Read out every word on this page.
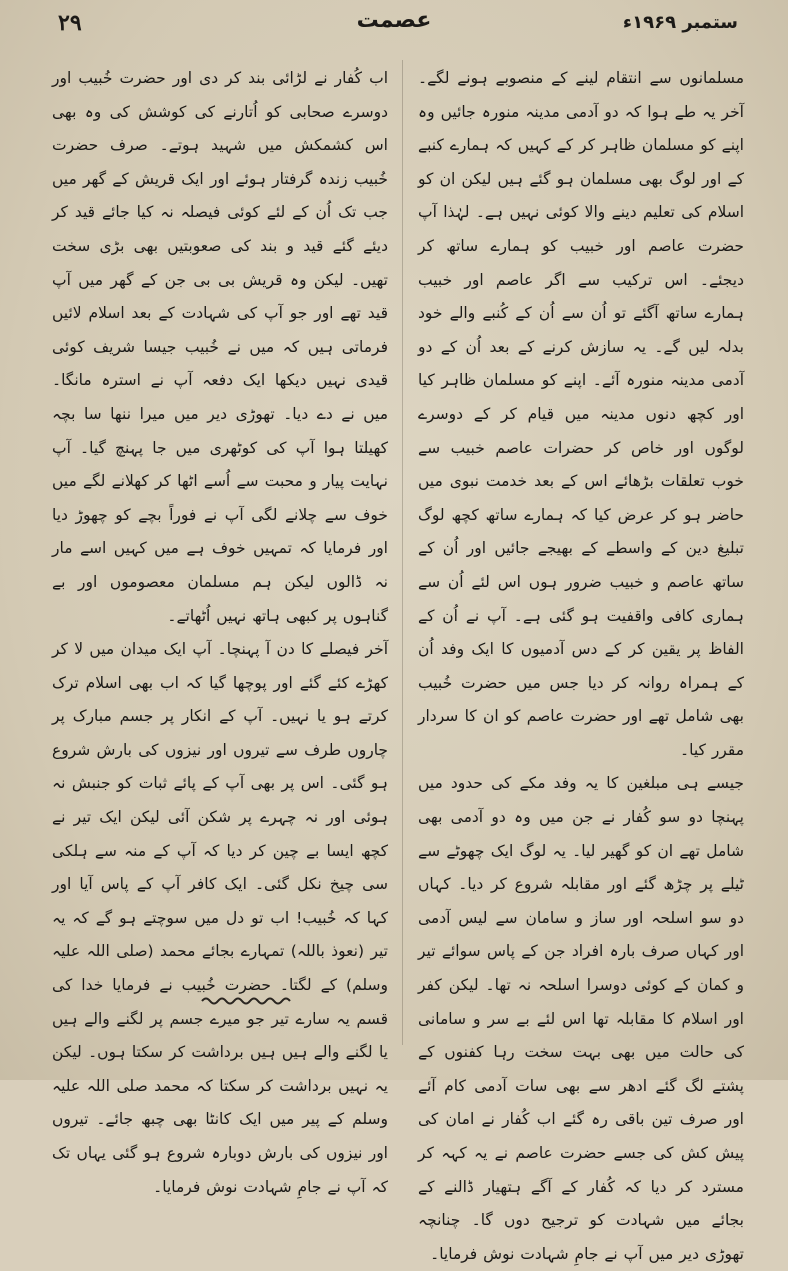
۲۹	عصمت	ستمبر ۱۹۶۹ء

مسلمانوں سے انتقام لینے کے منصوبے ہونے لگے۔ آخر یہ طے ہوا کہ دو آدمی مدینہ منورہ جائیں وہ اپنے کو مسلمان ظاہر کر کے کہیں کہ ہمارے کنبے کے اور لوگ بھی مسلمان ہو گئے ہیں لیکن ان کو اسلام کی تعلیم دینے والا کوئی نہیں ہے۔ لہٰذا آپ حضرت عاصم اور خبیب کو ہمارے ساتھ کر دیجئے۔ اس ترکیب سے اگر عاصم اور خبیب ہمارے ساتھ آگئے تو اُن سے اُن کے کُنبے والے خود بدلہ لیں گے۔ یہ سازش کرنے کے بعد اُن کے دو آدمی مدینہ منورہ آئے۔ اپنے کو مسلمان ظاہر کیا اور کچھ دنوں مدینہ میں قیام کر کے دوسرے لوگوں اور خاص کر حضرات عاصم خبیب سے خوب تعلقات بڑھائے اس کے بعد خدمت نبوی میں حاضر ہو کر عرض کیا کہ ہمارے ساتھ کچھ لوگ تبلیغ دین کے واسطے کے بھیجے جائیں اور اُن کے ساتھ عاصم و خبیب ضرور ہوں اس لئے اُن سے ہماری کافی واقفیت ہو گئی ہے۔ آپ نے اُن کے الفاظ پر یقین کر کے دس آدمیوں کا ایک وفد اُن کے ہمراہ روانہ کر دیا جس میں حضرت خُبیب بھی شامل تھے اور حضرت عاصم کو ان کا سردار مقرر کیا۔

جیسے ہی مبلغین کا یہ وفد مکے کی حدود میں پہنچا دو سو کُفار نے جن میں وہ دو آدمی بھی شامل تھے ان کو گھیر لیا۔ یہ لوگ ایک چھوٹے سے ٹیلے پر چڑھ گئے اور مقابلہ شروع کر دیا۔ کہاں دو سو اسلحہ اور ساز و سامان سے لیس آدمی اور کہاں صرف بارہ افراد جن کے پاس سوائے تیر و کمان کے کوئی دوسرا اسلحہ نہ تھا۔ لیکن کفر اور اسلام کا مقابلہ تھا اس لئے بے سر و سامانی کی حالت میں بھی بہت سخت رہا کفنوں کے پشتے لگ گئے ادھر سے بھی سات آدمی کام آئے اور صرف تین باقی رہ گئے اب کُفار نے امان کی پیش کش کی جسے حضرت عاصم نے یہ کہہ کر مسترد کر دیا کہ کُفار کے آگے ہتھیار ڈالنے کے بجائے میں شہادت کو ترجیح دوں گا۔ چنانچہ تھوڑی دیر میں آپ نے جامِ شہادت نوش فرمایا۔

اب کُفار نے لڑائی بند کر دی اور حضرت خُبیب اور دوسرے صحابی کو اُتارنے کی کوشش کی وہ بھی اس کشمکش میں شہید ہوتے۔ صرف حضرت خُبیب زندہ گرفتار ہوئے اور ایک قریش کے گھر میں جب تک اُن کے لئے کوئی فیصلہ نہ کیا جائے قید کر دیئے گئے قید و بند کی صعوبتیں بھی بڑی سخت تھیں۔ لیکن وہ قریش بی بی جن کے گھر میں آپ قید تھے اور جو آپ کی شہادت کے بعد اسلام لائیں فرماتی ہیں کہ میں نے خُبیب جیسا شریف کوئی قیدی نہیں دیکھا ایک دفعہ آپ نے استرہ مانگا۔ میں نے دے دیا۔ تھوڑی دیر میں میرا ننھا سا بچہ کھیلتا ہوا آپ کی کوٹھری میں جا پہنچ گیا۔ آپ نہایت پیار و محبت سے اُسے اٹھا کر کھلانے لگے میں خوف سے چلانے لگی آپ نے فوراً بچے کو چھوڑ دیا اور فرمایا کہ تمہیں خوف ہے میں کہیں اسے مار نہ ڈالوں لیکن ہم مسلمان معصوموں اور بے گناہوں پر کبھی ہاتھ نہیں اُٹھاتے۔

آخر فیصلے کا دن آ پہنچا۔ آپ ایک میدان میں لا کر کھڑے کئے گئے اور پوچھا گیا کہ اب بھی اسلام ترک کرتے ہو یا نہیں۔ آپ کے انکار پر جسم مبارک پر چاروں طرف سے تیروں اور نیزوں کی بارش شروع ہو گئی۔ اس پر بھی آپ کے پائے ثبات کو جنبش نہ ہوئی اور نہ چہرے پر شکن آئی لیکن ایک تیر نے کچھ ایسا بے چین کر دیا کہ آپ کے منہ سے ہلکی سی چیخ نکل گئی۔ ایک کافر آپ کے پاس آیا اور کہا کہ خُبیب! اب تو دل میں سوچتے ہو گے کہ یہ تیر (نعوذ باللہ) تمہارے بجائے محمد (صلی اللہ علیہ وسلم) کے لگتا۔ حضرت خُبیب نے فرمایا خدا کی قسم یہ سارے تیر جو میرے جسم پر لگنے والے ہیں یا لگنے والے ہیں ہیں برداشت کر سکتا ہوں۔ لیکن یہ نہیں برداشت کر سکتا کہ محمد صلی اللہ علیہ وسلم کے پیر میں ایک کانٹا بھی چبھ جائے۔ تیروں اور نیزوں کی بارش دوبارہ شروع ہو گئی یہاں تک کہ آپ نے جامِ شہادت نوش فرمایا۔
